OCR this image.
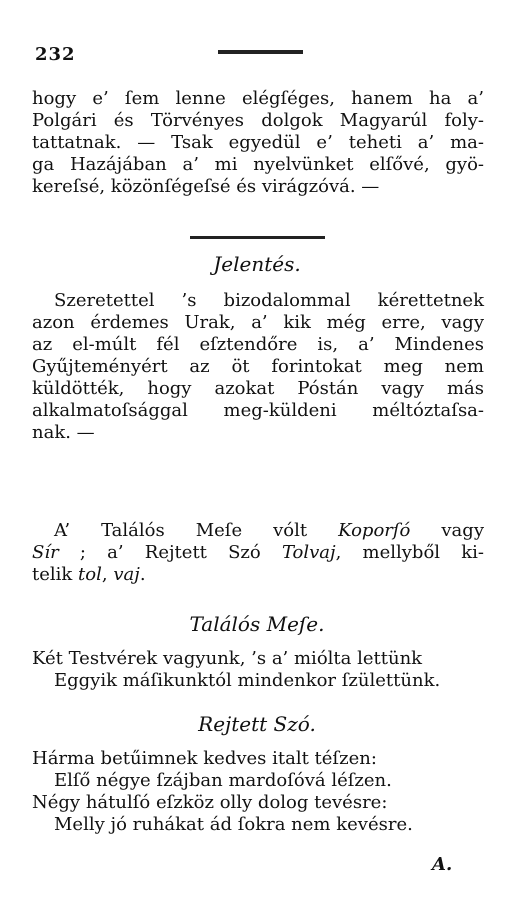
232
hogy e’ ſem lenne elégſéges, hanem ha a’
Polgári és Törvényes dolgok Magyarúl foly-
tattatnak. — Tsak egyedül e’ teheti a’ ma-
ga Hazájában a’ mi nyelvünket elſővé, gyö-
kereſsé, közönſégeſsé és virágzóvá. —
Jelentés.
Szeretettel ’s bizodalommal kérettetnek
azon érdemes Urak, a’ kik még erre, vagy
az el-múlt fél eſztendőre is, a’ Mindenes
Gyűjteményért az öt forintokat meg nem
küldötték, hogy azokat Póstán vagy más
alkalmatoſsággal meg-küldeni méltóztaſsa-
nak. —
A’ Találós Meſe vólt Koporſó vagy
Sír ; a’ Rejtett Szó Tolvaj, mellyből ki-
telik tol, vaj.
Találós Meſe.
Két Testvérek vagyunk, ’s a’ miólta lettünk
Eggyik máſikunktól mindenkor ſzülettünk.
Rejtett Szó.
Hárma betűimnek kedves italt téſzen:
Elſő négye ſzájban mardoſóvá léſzen.
Négy hátulſó eſzköz olly dolog tevésre:
Melly jó ruhákat ád ſokra nem kevésre.
A.
